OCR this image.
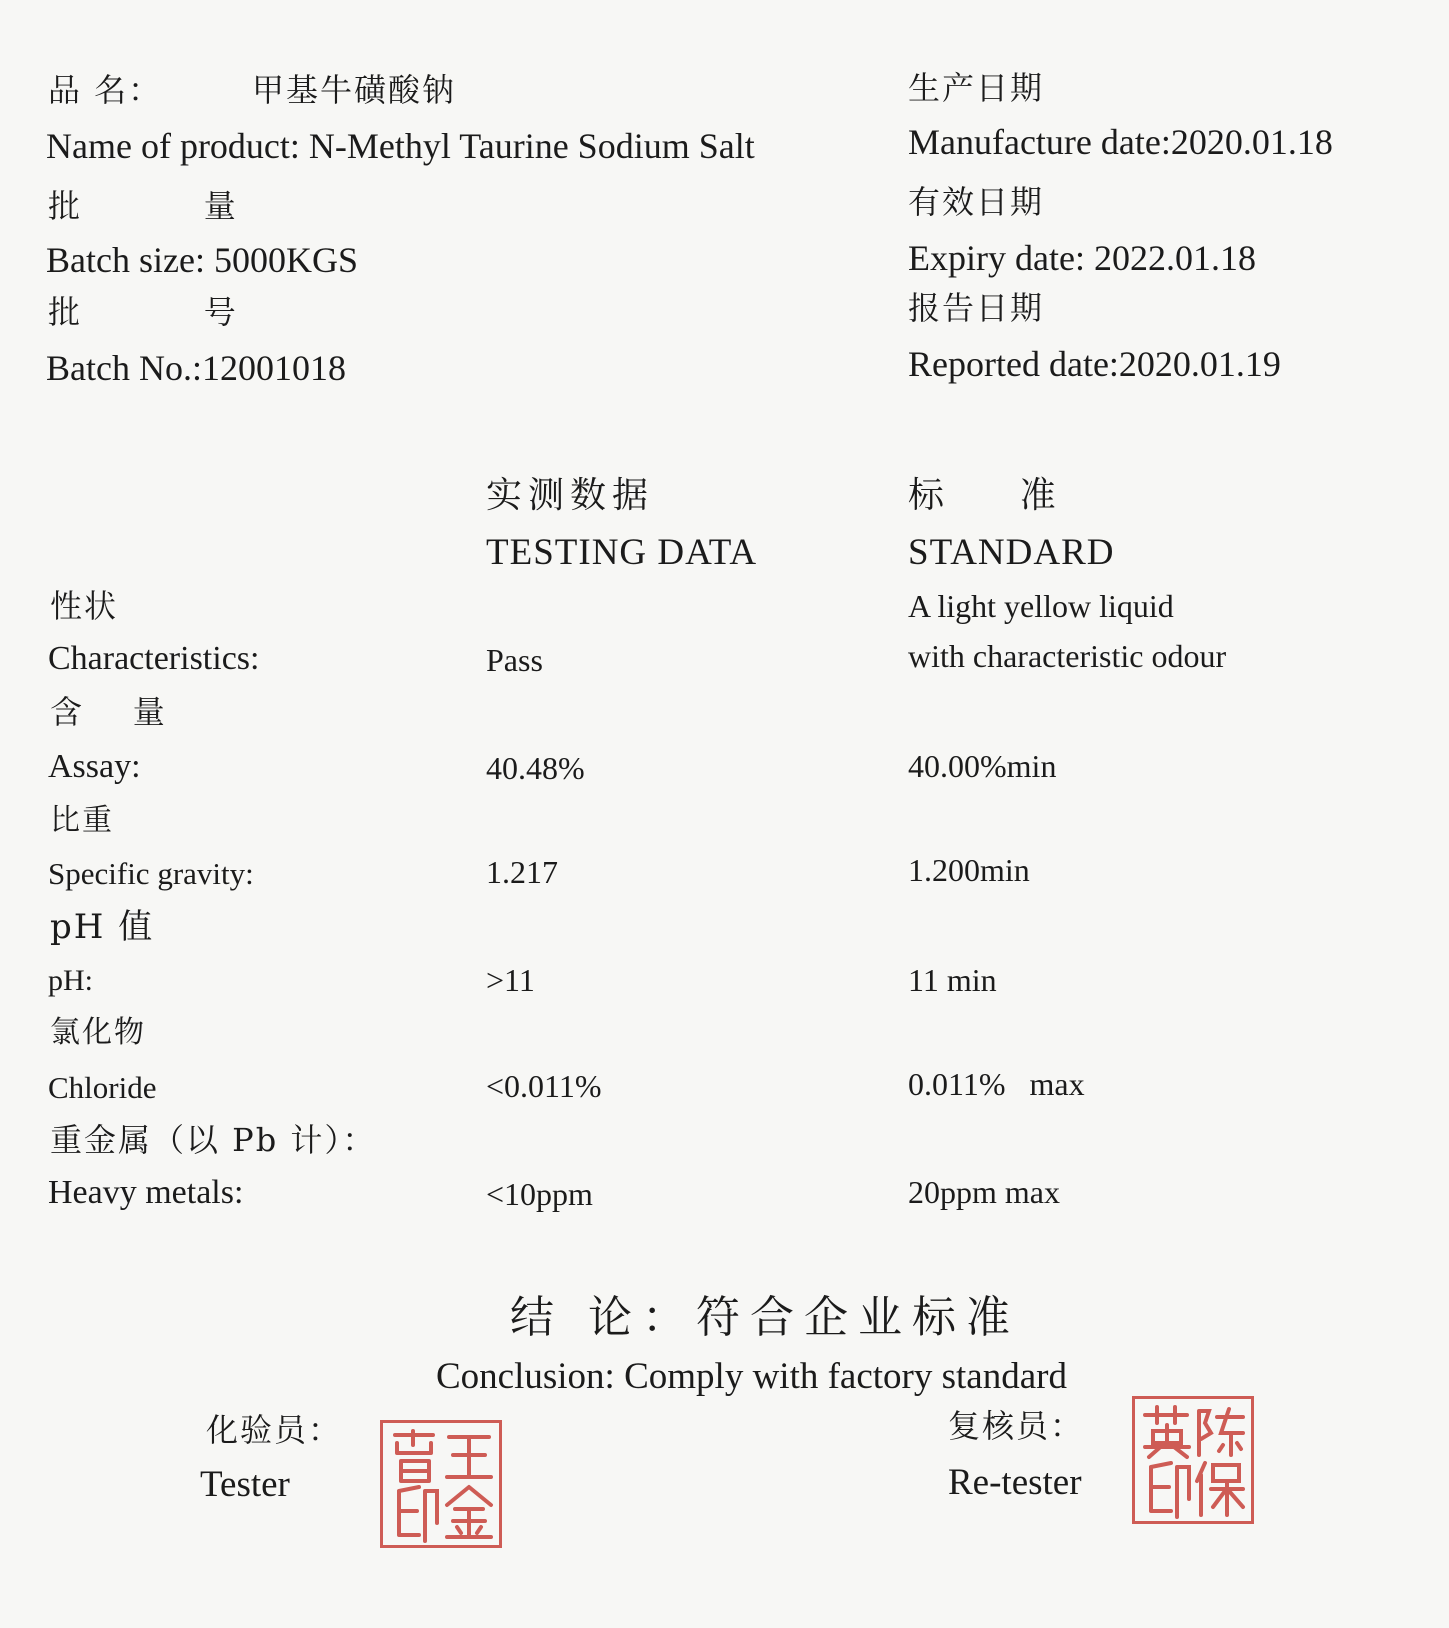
品 名：	甲基牛磺酸钠
Name of product: N-Methyl Taurine Sodium Salt
批          量
Batch size: 5000KGS
批          号
Batch No.:12001018
生产日期
Manufacture date:2020.01.18
有效日期
Expiry date: 2022.01.18
报告日期
Reported date:2020.01.19
实测数据
TESTING DATA
标    准
STANDARD
性状
Characteristics:	Pass
A light yellow liquid
with characteristic odour
含    量
Assay:	40.48%	40.00%min
比重
Specific gravity:	1.217	1.200min
pH 值
pH:	>11	11 min
氯化物
Chloride	<0.011%	0.011%   max
重金属（以 Pb 计）：
Heavy metals:	<10ppm	20ppm max
结 论：符合企业标准
Conclusion: Comply with factory standard
化验员：
Tester
复核员：
Re-tester
